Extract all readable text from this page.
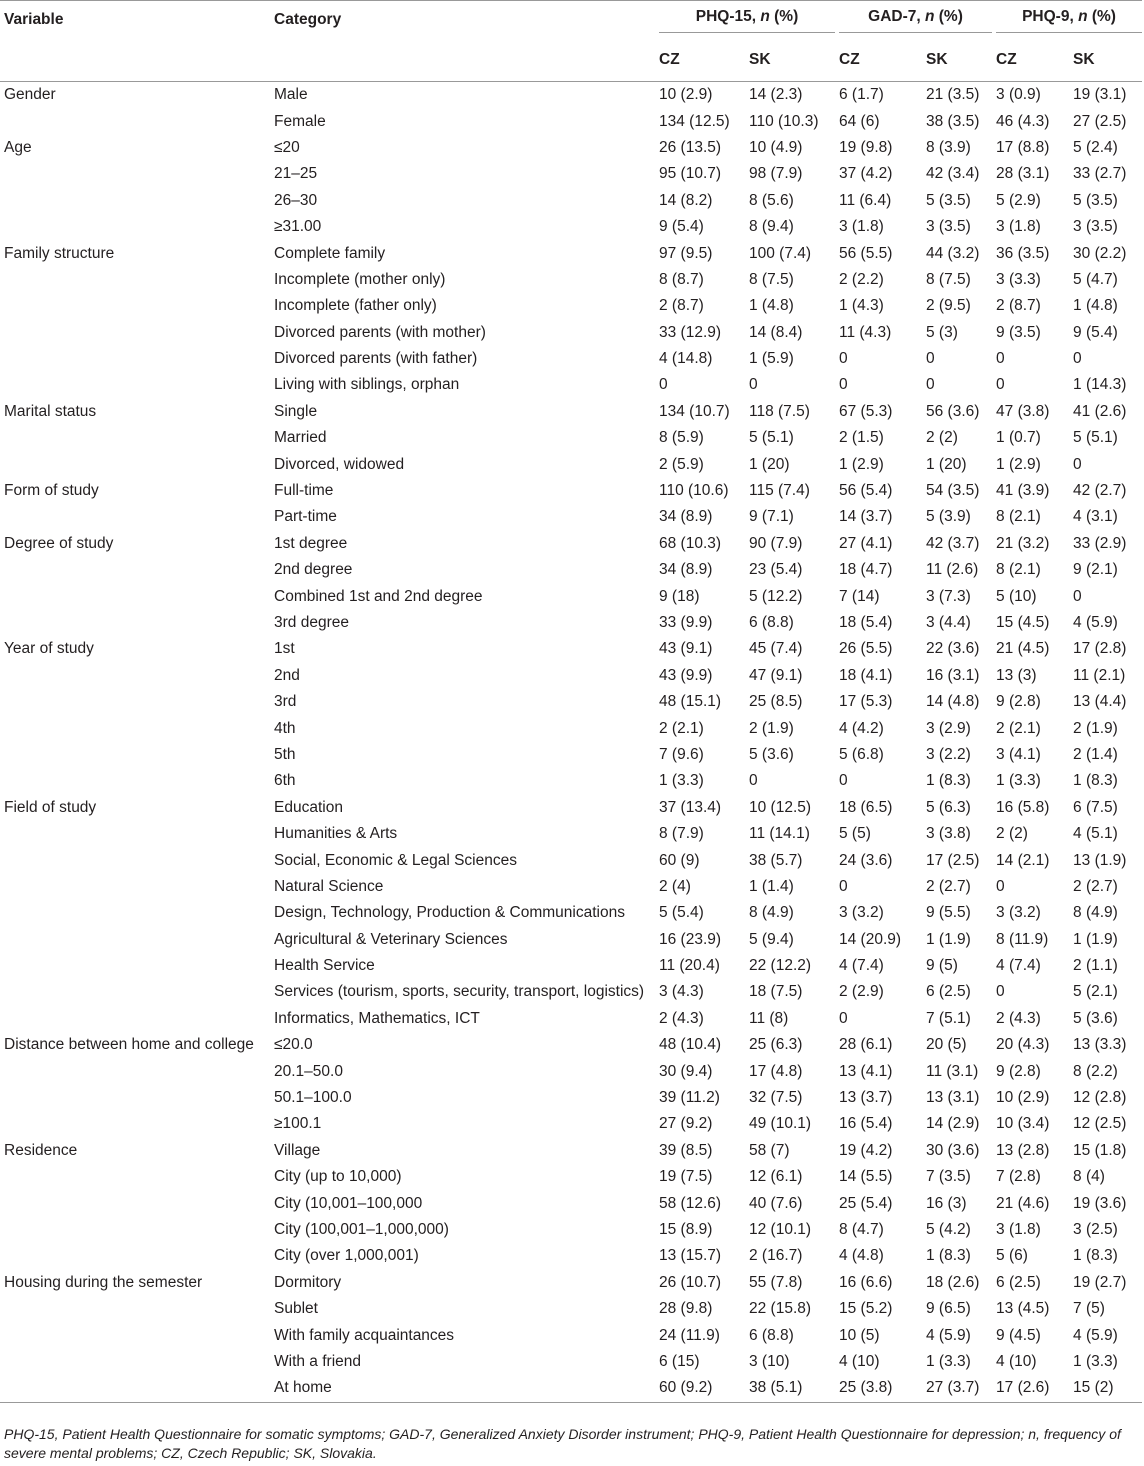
Variable	Category	PHQ-15, n (%)		GAD-7, n (%)		PHQ-9, n (%)	
		CZ	SK	CZ	SK	CZ	SK
Gender	Male	10 (2.9)	14 (2.3)	6 (1.7)	21 (3.5)	3 (0.9)	19 (3.1)
	Female	134 (12.5)	110 (10.3)	64 (6)	38 (3.5)	46 (4.3)	27 (2.5)
Age	≤20	26 (13.5)	10 (4.9)	19 (9.8)	8 (3.9)	17 (8.8)	5 (2.4)
	21–25	95 (10.7)	98 (7.9)	37 (4.2)	42 (3.4)	28 (3.1)	33 (2.7)
	26–30	14 (8.2)	8 (5.6)	11 (6.4)	5 (3.5)	5 (2.9)	5 (3.5)
	≥31.00	9 (5.4)	8 (9.4)	3 (1.8)	3 (3.5)	3 (1.8)	3 (3.5)
Family structure	Complete family	97 (9.5)	100 (7.4)	56 (5.5)	44 (3.2)	36 (3.5)	30 (2.2)
	Incomplete (mother only)	8 (8.7)	8 (7.5)	2 (2.2)	8 (7.5)	3 (3.3)	5 (4.7)
	Incomplete (father only)	2 (8.7)	1 (4.8)	1 (4.3)	2 (9.5)	2 (8.7)	1 (4.8)
	Divorced parents (with mother)	33 (12.9)	14 (8.4)	11 (4.3)	5 (3)	9 (3.5)	9 (5.4)
	Divorced parents (with father)	4 (14.8)	1 (5.9)	0	0	0	0
	Living with siblings, orphan	0	0	0	0	0	1 (14.3)
Marital status	Single	134 (10.7)	118 (7.5)	67 (5.3)	56 (3.6)	47 (3.8)	41 (2.6)
	Married	8 (5.9)	5 (5.1)	2 (1.5)	2 (2)	1 (0.7)	5 (5.1)
	Divorced, widowed	2 (5.9)	1 (20)	1 (2.9)	1 (20)	1 (2.9)	0
Form of study	Full-time	110 (10.6)	115 (7.4)	56 (5.4)	54 (3.5)	41 (3.9)	42 (2.7)
	Part-time	34 (8.9)	9 (7.1)	14 (3.7)	5 (3.9)	8 (2.1)	4 (3.1)
Degree of study	1st degree	68 (10.3)	90 (7.9)	27 (4.1)	42 (3.7)	21 (3.2)	33 (2.9)
	2nd degree	34 (8.9)	23 (5.4)	18 (4.7)	11 (2.6)	8 (2.1)	9 (2.1)
	Combined 1st and 2nd degree	9 (18)	5 (12.2)	7 (14)	3 (7.3)	5 (10)	0
	3rd degree	33 (9.9)	6 (8.8)	18 (5.4)	3 (4.4)	15 (4.5)	4 (5.9)
Year of study	1st	43 (9.1)	45 (7.4)	26 (5.5)	22 (3.6)	21 (4.5)	17 (2.8)
	2nd	43 (9.9)	47 (9.1)	18 (4.1)	16 (3.1)	13 (3)	11 (2.1)
	3rd	48 (15.1)	25 (8.5)	17 (5.3)	14 (4.8)	9 (2.8)	13 (4.4)
	4th	2 (2.1)	2 (1.9)	4 (4.2)	3 (2.9)	2 (2.1)	2 (1.9)
	5th	7 (9.6)	5 (3.6)	5 (6.8)	3 (2.2)	3 (4.1)	2 (1.4)
	6th	1 (3.3)	0	0	1 (8.3)	1 (3.3)	1 (8.3)
Field of study	Education	37 (13.4)	10 (12.5)	18 (6.5)	5 (6.3)	16 (5.8)	6 (7.5)
	Humanities & Arts	8 (7.9)	11 (14.1)	5 (5)	3 (3.8)	2 (2)	4 (5.1)
	Social, Economic & Legal Sciences	60 (9)	38 (5.7)	24 (3.6)	17 (2.5)	14 (2.1)	13 (1.9)
	Natural Science	2 (4)	1 (1.4)	0	2 (2.7)	0	2 (2.7)
	Design, Technology, Production & Communications	5 (5.4)	8 (4.9)	3 (3.2)	9 (5.5)	3 (3.2)	8 (4.9)
	Agricultural & Veterinary Sciences	16 (23.9)	5 (9.4)	14 (20.9)	1 (1.9)	8 (11.9)	1 (1.9)
	Health Service	11 (20.4)	22 (12.2)	4 (7.4)	9 (5)	4 (7.4)	2 (1.1)
	Services (tourism, sports, security, transport, logistics)	3 (4.3)	18 (7.5)	2 (2.9)	6 (2.5)	0	5 (2.1)
	Informatics, Mathematics, ICT	2 (4.3)	11 (8)	0	7 (5.1)	2 (4.3)	5 (3.6)
Distance between home and college	≤20.0	48 (10.4)	25 (6.3)	28 (6.1)	20 (5)	20 (4.3)	13 (3.3)
	20.1–50.0	30 (9.4)	17 (4.8)	13 (4.1)	11 (3.1)	9 (2.8)	8 (2.2)
	50.1–100.0	39 (11.2)	32 (7.5)	13 (3.7)	13 (3.1)	10 (2.9)	12 (2.8)
	≥100.1	27 (9.2)	49 (10.1)	16 (5.4)	14 (2.9)	10 (3.4)	12 (2.5)
Residence	Village	39 (8.5)	58 (7)	19 (4.2)	30 (3.6)	13 (2.8)	15 (1.8)
	City (up to 10,000)	19 (7.5)	12 (6.1)	14 (5.5)	7 (3.5)	7 (2.8)	8 (4)
	City (10,001–100,000	58 (12.6)	40 (7.6)	25 (5.4)	16 (3)	21 (4.6)	19 (3.6)
	City (100,001–1,000,000)	15 (8.9)	12 (10.1)	8 (4.7)	5 (4.2)	3 (1.8)	3 (2.5)
	City (over 1,000,001)	13 (15.7)	2 (16.7)	4 (4.8)	1 (8.3)	5 (6)	1 (8.3)
Housing during the semester	Dormitory	26 (10.7)	55 (7.8)	16 (6.6)	18 (2.6)	6 (2.5)	19 (2.7)
	Sublet	28 (9.8)	22 (15.8)	15 (5.2)	9 (6.5)	13 (4.5)	7 (5)
	With family acquaintances	24 (11.9)	6 (8.8)	10 (5)	4 (5.9)	9 (4.5)	4 (5.9)
	With a friend	6 (15)	3 (10)	4 (10)	1 (3.3)	4 (10)	1 (3.3)
	At home	60 (9.2)	38 (5.1)	25 (3.8)	27 (3.7)	17 (2.6)	15 (2)
PHQ-15, Patient Health Questionnaire for somatic symptoms; GAD-7, Generalized Anxiety Disorder instrument; PHQ-9, Patient Health Questionnaire for depression; n, frequency of severe mental problems; CZ, Czech Republic; SK, Slovakia.
